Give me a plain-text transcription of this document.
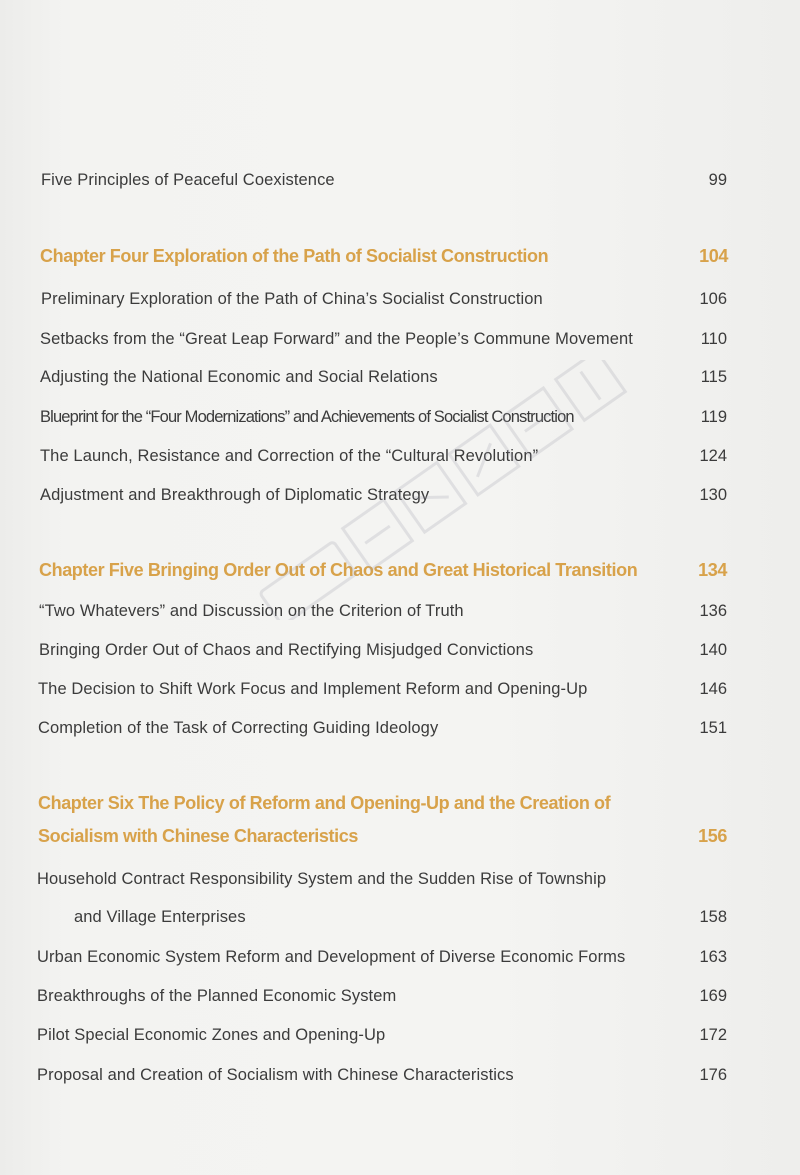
Five Principles of Peaceful Coexistence	99
Chapter Four Exploration of the Path of Socialist Construction	104
Preliminary Exploration of the Path of China’s Socialist Construction	106
Setbacks from the “Great Leap Forward” and the People’s Commune Movement	110
Adjusting the National Economic and Social Relations	115
Blueprint for the “Four Modernizations” and Achievements of Socialist Construction	119
The Launch, Resistance and Correction of the “Cultural Revolution”	124
Adjustment and Breakthrough of Diplomatic Strategy	130
Chapter Five Bringing Order Out of Chaos and Great Historical Transition	134
“Two Whatevers” and Discussion on the Criterion of Truth	136
Bringing Order Out of Chaos and Rectifying Misjudged Convictions	140
The Decision to Shift Work Focus and Implement Reform and Opening-Up	146
Completion of the Task of Correcting Guiding Ideology	151
Chapter Six The Policy of Reform and Opening-Up and the Creation of
Socialism with Chinese Characteristics	156
Household Contract Responsibility System and the Sudden Rise of Township
and Village Enterprises	158
Urban Economic System Reform and Development of Diverse Economic Forms	163
Breakthroughs of the Planned Economic System	169
Pilot Special Economic Zones and Opening-Up	172
Proposal and Creation of Socialism with Chinese Characteristics	176
